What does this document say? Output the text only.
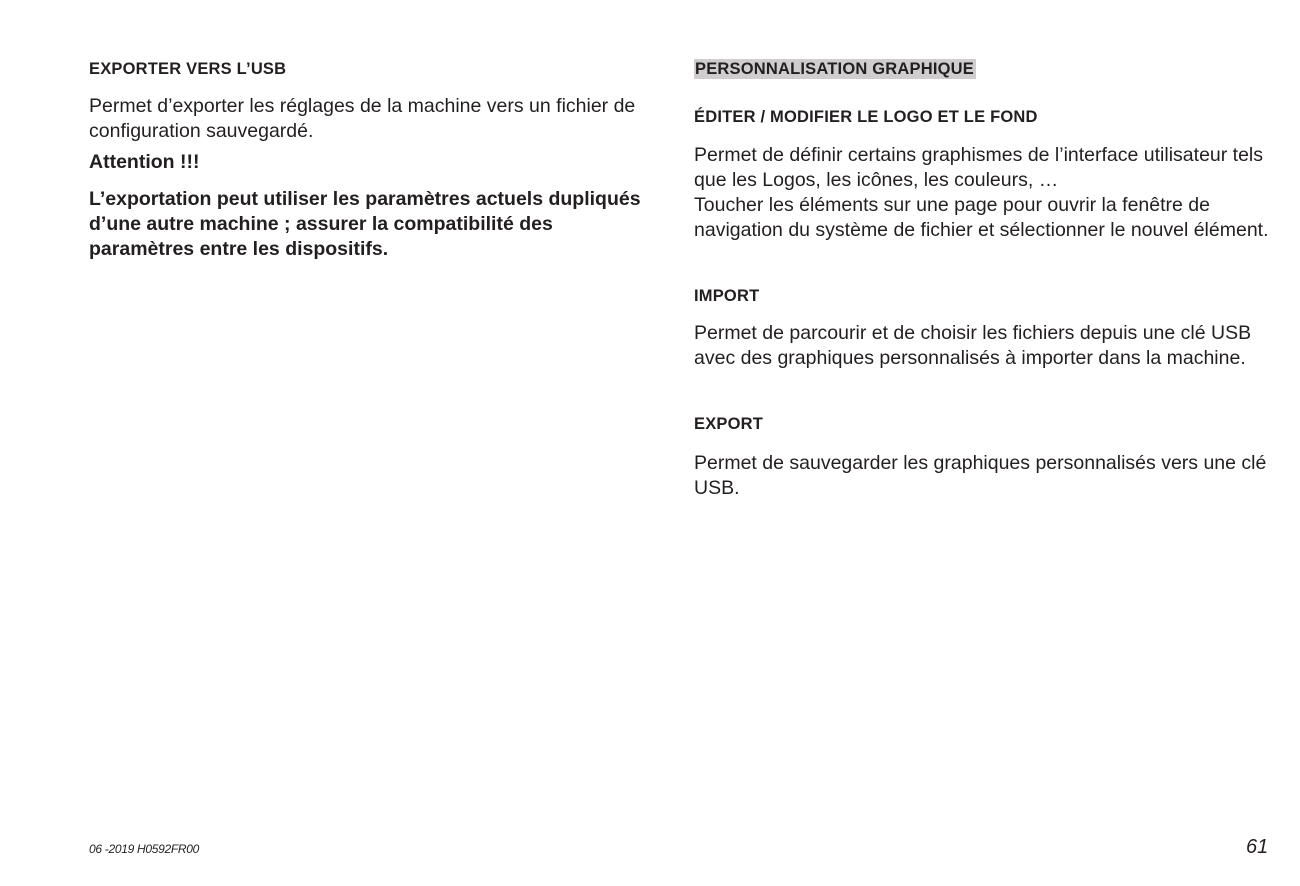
EXPORTER VERS L’USB

Permet d’exporter les réglages de la machine vers un fichier de configuration sauvegardé.

Attention !!!

L’exportation peut utiliser les paramètres actuels dupliqués d’une autre machine ; assurer la compatibilité des paramètres entre les dispositifs.

PERSONNALISATION GRAPHIQUE
ÉDITER / MODIFIER LE LOGO ET LE FOND

Permet de définir certains graphismes de l’interface utilisateur tels que les Logos, les icônes, les couleurs, …

Toucher les éléments sur une page pour ouvrir la fenêtre de navigation du système de fichier et sélectionner le nouvel élément.

IMPORT

Permet de parcourir et de choisir les fichiers depuis une clé USB avec des graphiques personnalisés à importer dans la machine.

EXPORT

Permet de sauvegarder les graphiques personnalisés vers une clé USB.

06 -2019 H0592FR00	61
